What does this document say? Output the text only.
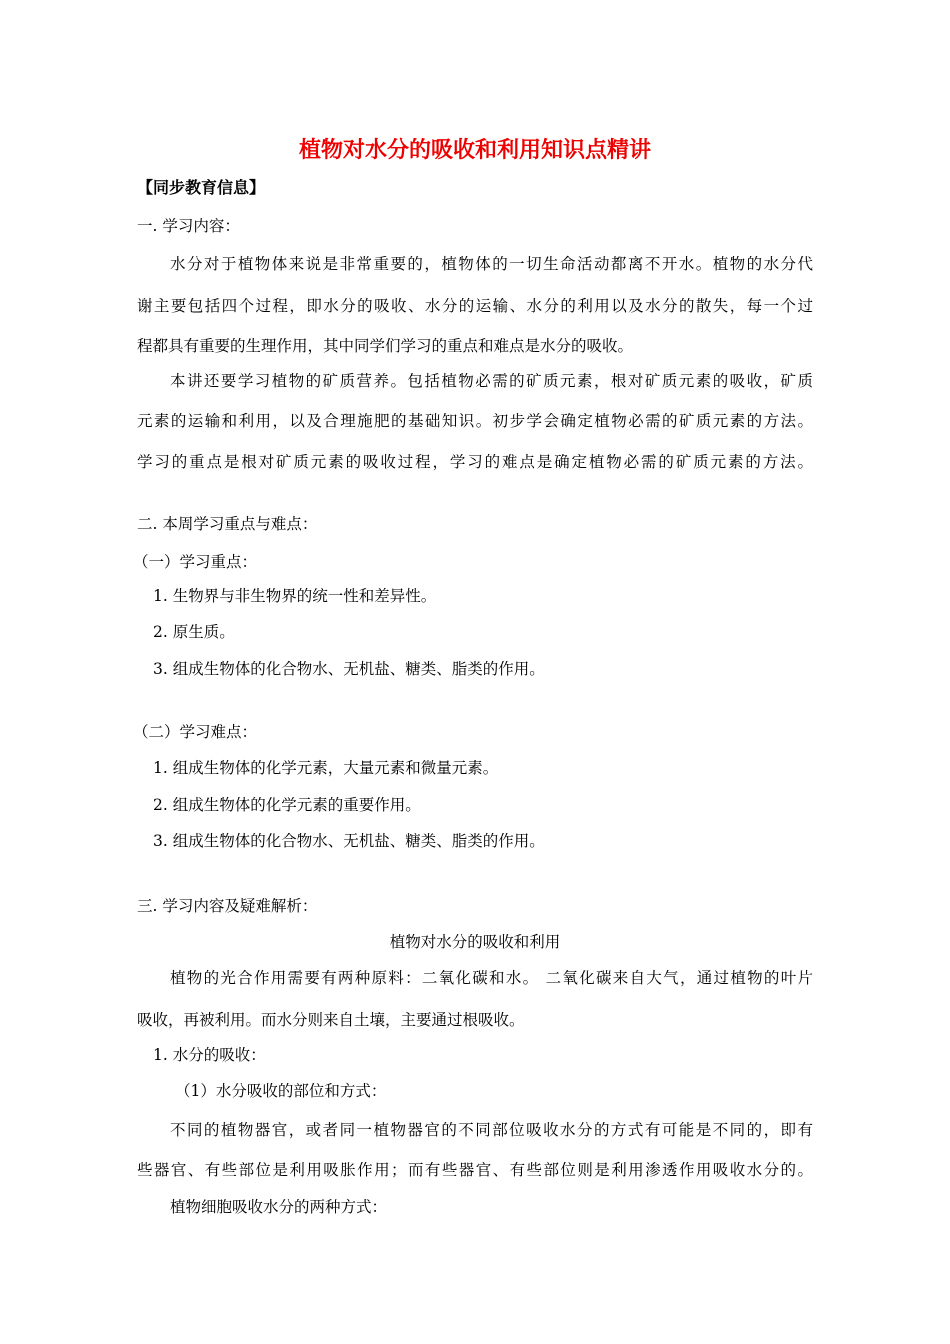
植物对水分的吸收和利用知识点精讲
【同步教育信息】
一. 学习内容：
水分对于植物体来说是非常重要的，植物体的一切生命活动都离不开水。植物的水分代
谢主要包括四个过程，即水分的吸收、水分的运输、水分的利用以及水分的散失，每一个过
程都具有重要的生理作用，其中同学们学习的重点和难点是水分的吸收。
本讲还要学习植物的矿质营养。包括植物必需的矿质元素，根对矿质元素的吸收，矿质
元素的运输和利用，以及合理施肥的基础知识。初步学会确定植物必需的矿质元素的方法。
学习的重点是根对矿质元素的吸收过程，学习的难点是确定植物必需的矿质元素的方法。
二. 本周学习重点与难点：
（一）学习重点：
1. 生物界与非生物界的统一性和差异性。
2. 原生质。
3. 组成生物体的化合物水、无机盐、糖类、脂类的作用。
（二）学习难点：
1. 组成生物体的化学元素，大量元素和微量元素。
2. 组成生物体的化学元素的重要作用。
3. 组成生物体的化合物水、无机盐、糖类、脂类的作用。
三. 学习内容及疑难解析：
植物对水分的吸收和利用
植物的光合作用需要有两种原料：二氧化碳和水。 二氧化碳来自大气，通过植物的叶片
吸收，再被利用。而水分则来自土壤，主要通过根吸收。
1. 水分的吸收：
（1）水分吸收的部位和方式：
不同的植物器官，或者同一植物器官的不同部位吸收水分的方式有可能是不同的，即有
些器官、有些部位是利用吸胀作用；而有些器官、有些部位则是利用渗透作用吸收水分的。
植物细胞吸收水分的两种方式：
